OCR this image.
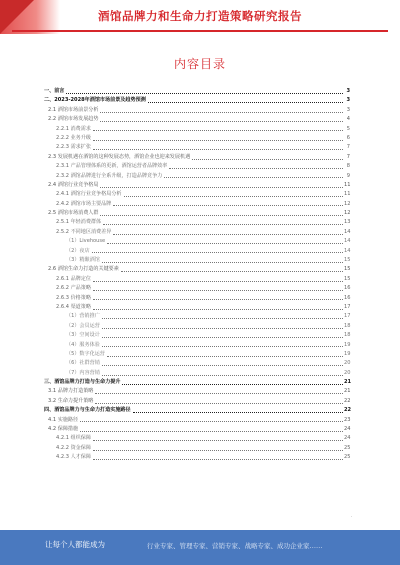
酒馆品牌力和生命力打造策略研究报告
内容目录
一、前言	3
二、2023-2028年酒馆市场前景及趋势预测	3
2.1 酒馆市场前景分析	3
2.2 酒馆市场发展趋势	4
2.2.1 消费需求	5
2.2.2 业务升级	6
2.2.3 需求扩张	7
2.3 发展机遇在酒馆的这种发展态势，酒馆企业也迎来发展机遇	7
2.3.1 产品管理体系的更新，酒馆运营者品牌效率	8
2.3.2 酒馆品牌进行全系升级，打造品牌竞争力	9
2.4 酒馆行业竞争格局	11
2.4.1 酒馆行业竞争格局分析	11
2.4.2 酒馆市场主要品牌	12
2.5 酒馆市场消费人群	12
2.5.1 年轻消费群体	13
2.5.2 不同地区消费差异	14
（1）Livehouse	14
（2）夜店	14
（3）精酿酒馆	15
2.6 酒馆生命力打造的关键要素	15
2.6.1 品牌定位	15
2.6.2 产品策略	16
2.6.3 价格策略	16
2.6.4 渠道策略	17
（1）营销推广	17
（2）会员运营	18
（3）空间设计	18
（4）服务体验	19
（5）数字化运营	19
（6）社群营销	20
（7）内容营销	20
三、酒馆品牌力打造与生命力提升	21
3.1 品牌力打造策略	21
3.2 生命力提升策略	22
四、酒馆品牌力与生命力打造实施路径	22
4.1 实施路径	23
4.2 保障措施	24
4.2.1 组织保障	24
4.2.2 资金保障	25
4.2.3 人才保障	25
·
让每个人都能成为	行业专家、管理专家、营销专家、战略专家、成功企业家……
